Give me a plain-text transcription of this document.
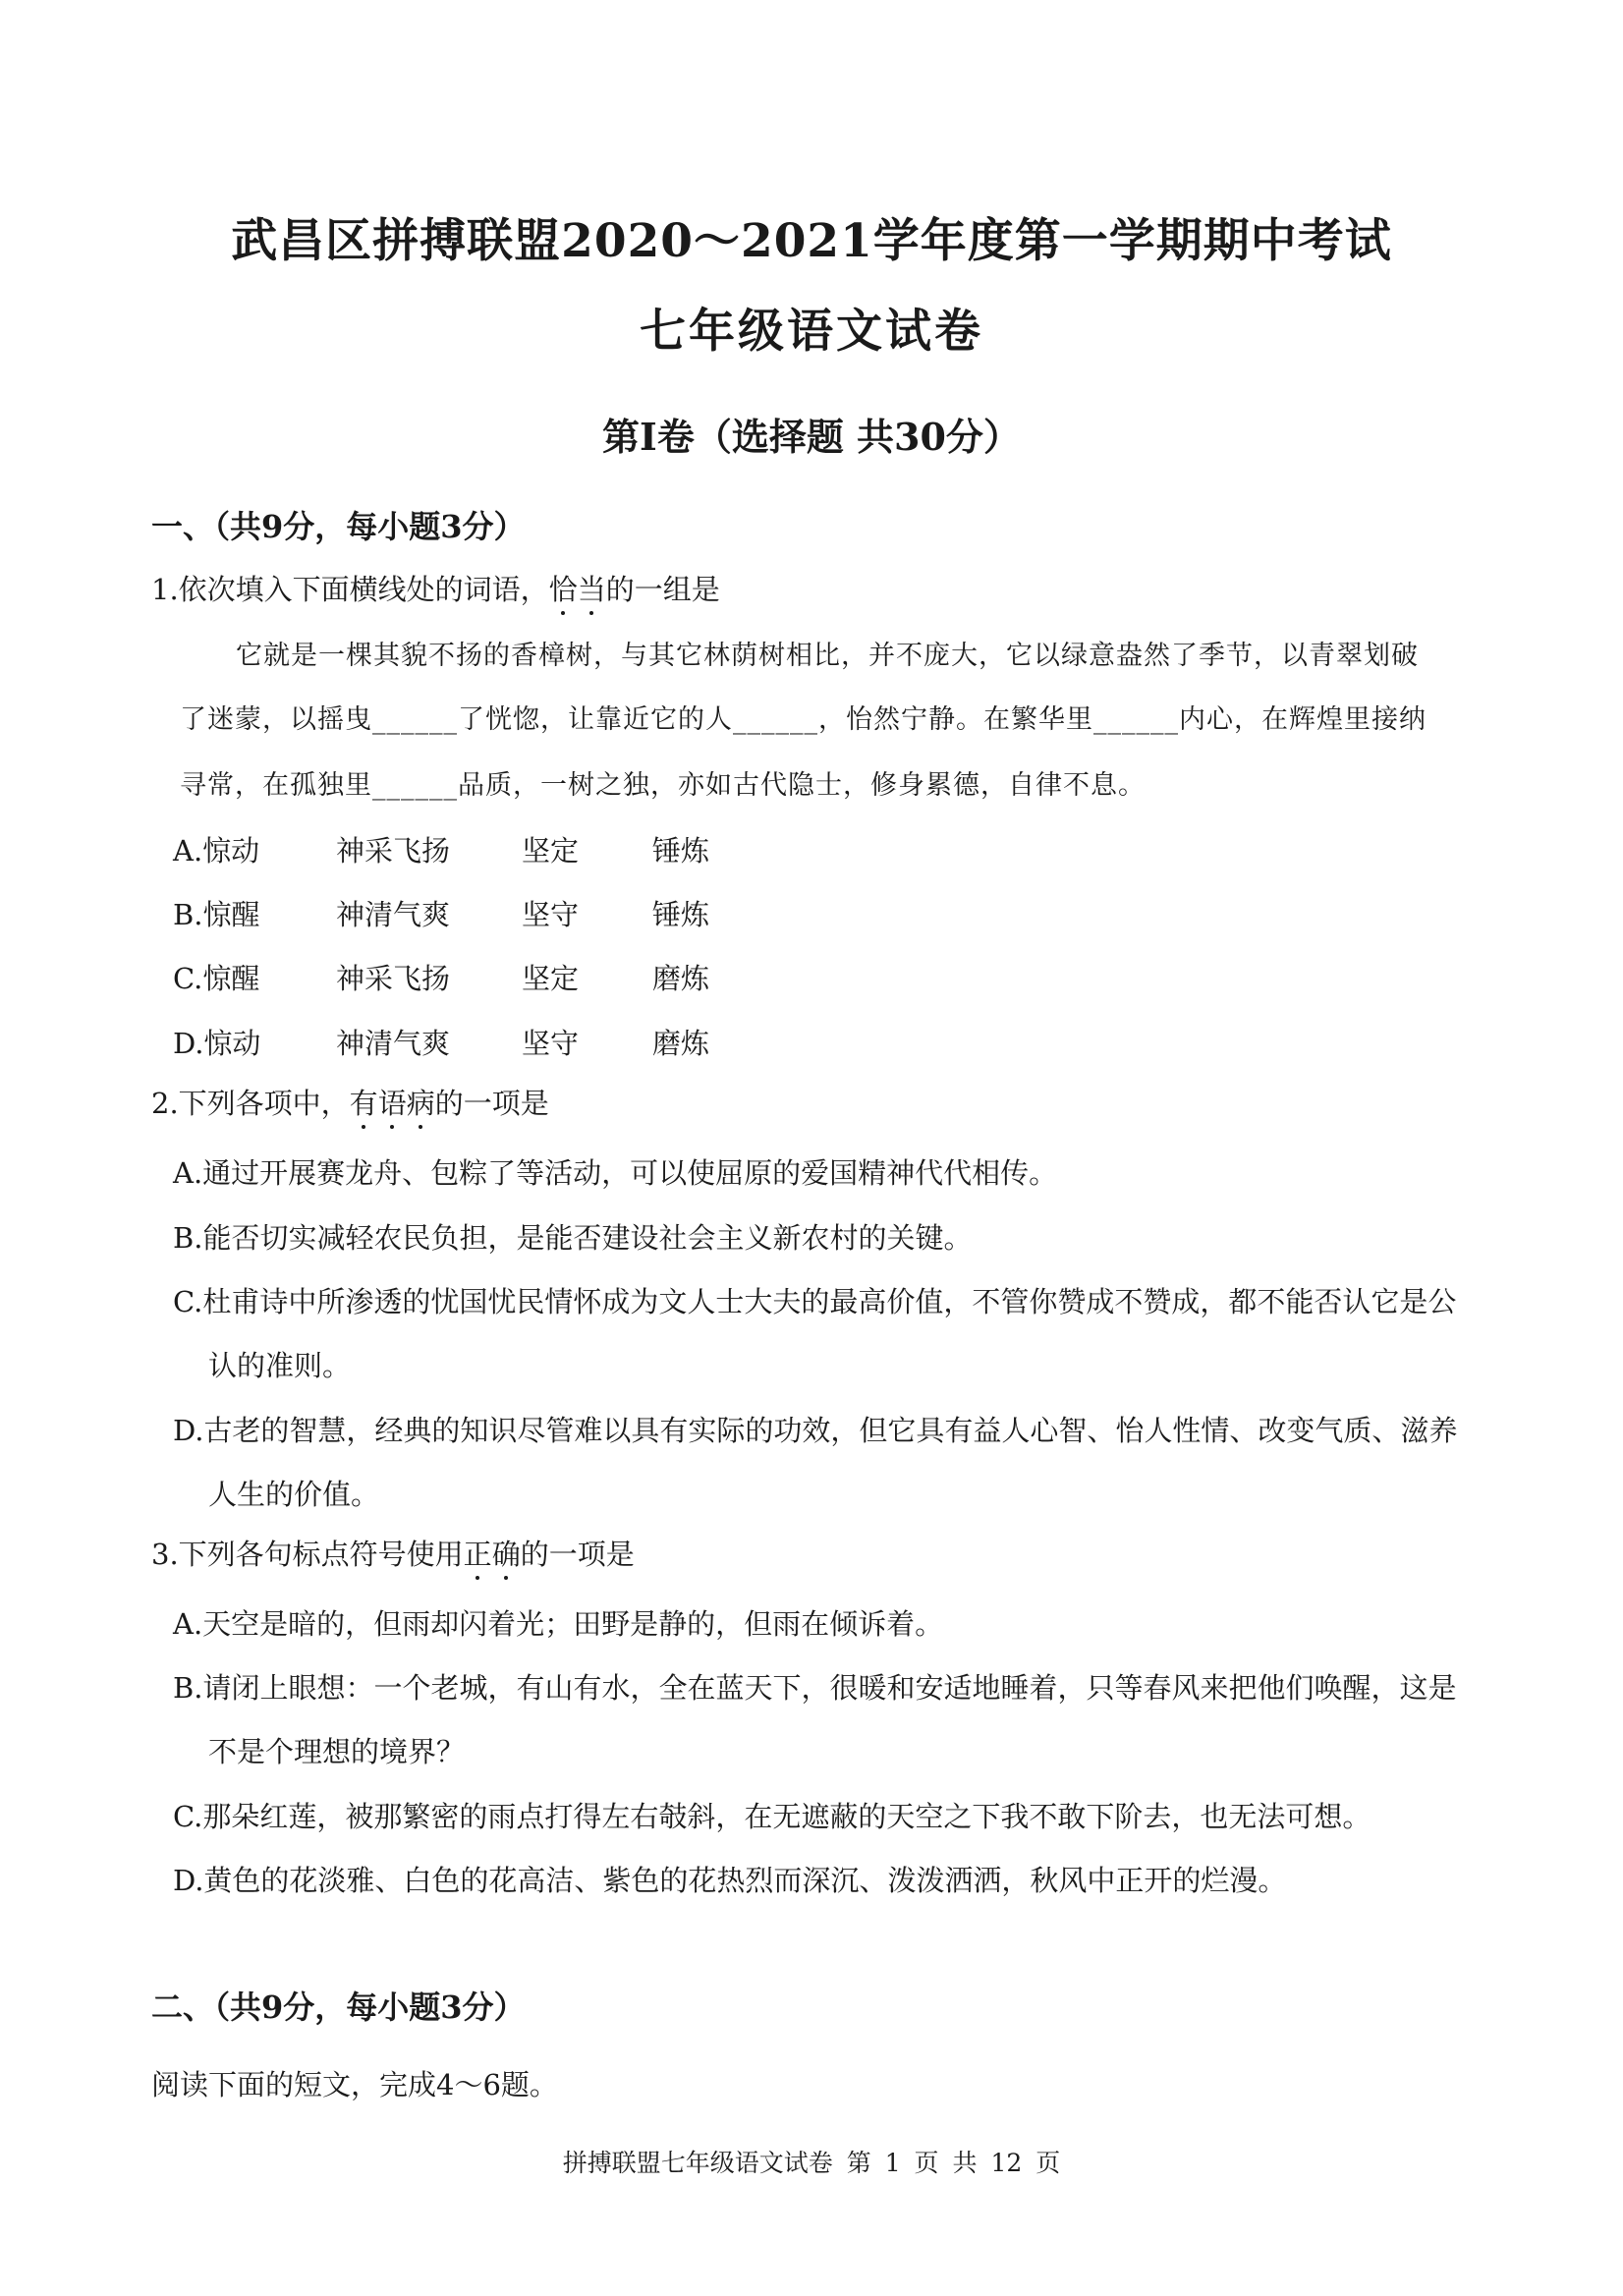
武昌区拼搏联盟2020～2021学年度第一学期期中考试
七年级语文试卷
第Ⅰ卷（选择题 共30分）
一、（共9分，每小题3分）
1.依次填入下面横线处的词语，恰当的一组是
它就是一棵其貌不扬的香樟树，与其它林荫树相比，并不庞大，它以绿意盎然了季节，以青翠划破
了迷蒙，以摇曳______了恍惚，让靠近它的人______，怡然宁静。在繁华里______内心，在辉煌里接纳
寻常，在孤独里______品质，一树之独，亦如古代隐士，修身累德，自律不息。
A.惊动	神采飞扬	坚定	锤炼
B.惊醒	神清气爽	坚守	锤炼
C.惊醒	神采飞扬	坚定	磨炼
D.惊动	神清气爽	坚守	磨炼
2.下列各项中，有语病的一项是
A.通过开展赛龙舟、包粽了等活动，可以使屈原的爱国精神代代相传。
B.能否切实减轻农民负担，是能否建设社会主义新农村的关键。
C.杜甫诗中所渗透的忧国忧民情怀成为文人士大夫的最高价值，不管你赞成不赞成，都不能否认它是公
认的准则。
D.古老的智慧，经典的知识尽管难以具有实际的功效，但它具有益人心智、怡人性情、改变气质、滋养
人生的价值。
3.下列各句标点符号使用正确的一项是
A.天空是暗的，但雨却闪着光；田野是静的，但雨在倾诉着。
B.请闭上眼想：一个老城，有山有水，全在蓝天下，很暖和安适地睡着，只等春风来把他们唤醒，这是
不是个理想的境界？
C.那朵红莲，被那繁密的雨点打得左右攲斜，在无遮蔽的天空之下我不敢下阶去，也无法可想。
D.黄色的花淡雅、白色的花高洁、紫色的花热烈而深沉、泼泼洒洒，秋风中正开的烂漫。
二、（共9分，每小题3分）
阅读下面的短文，完成4～6题。
拼搏联盟七年级语文试卷 第 1 页 共 12 页
